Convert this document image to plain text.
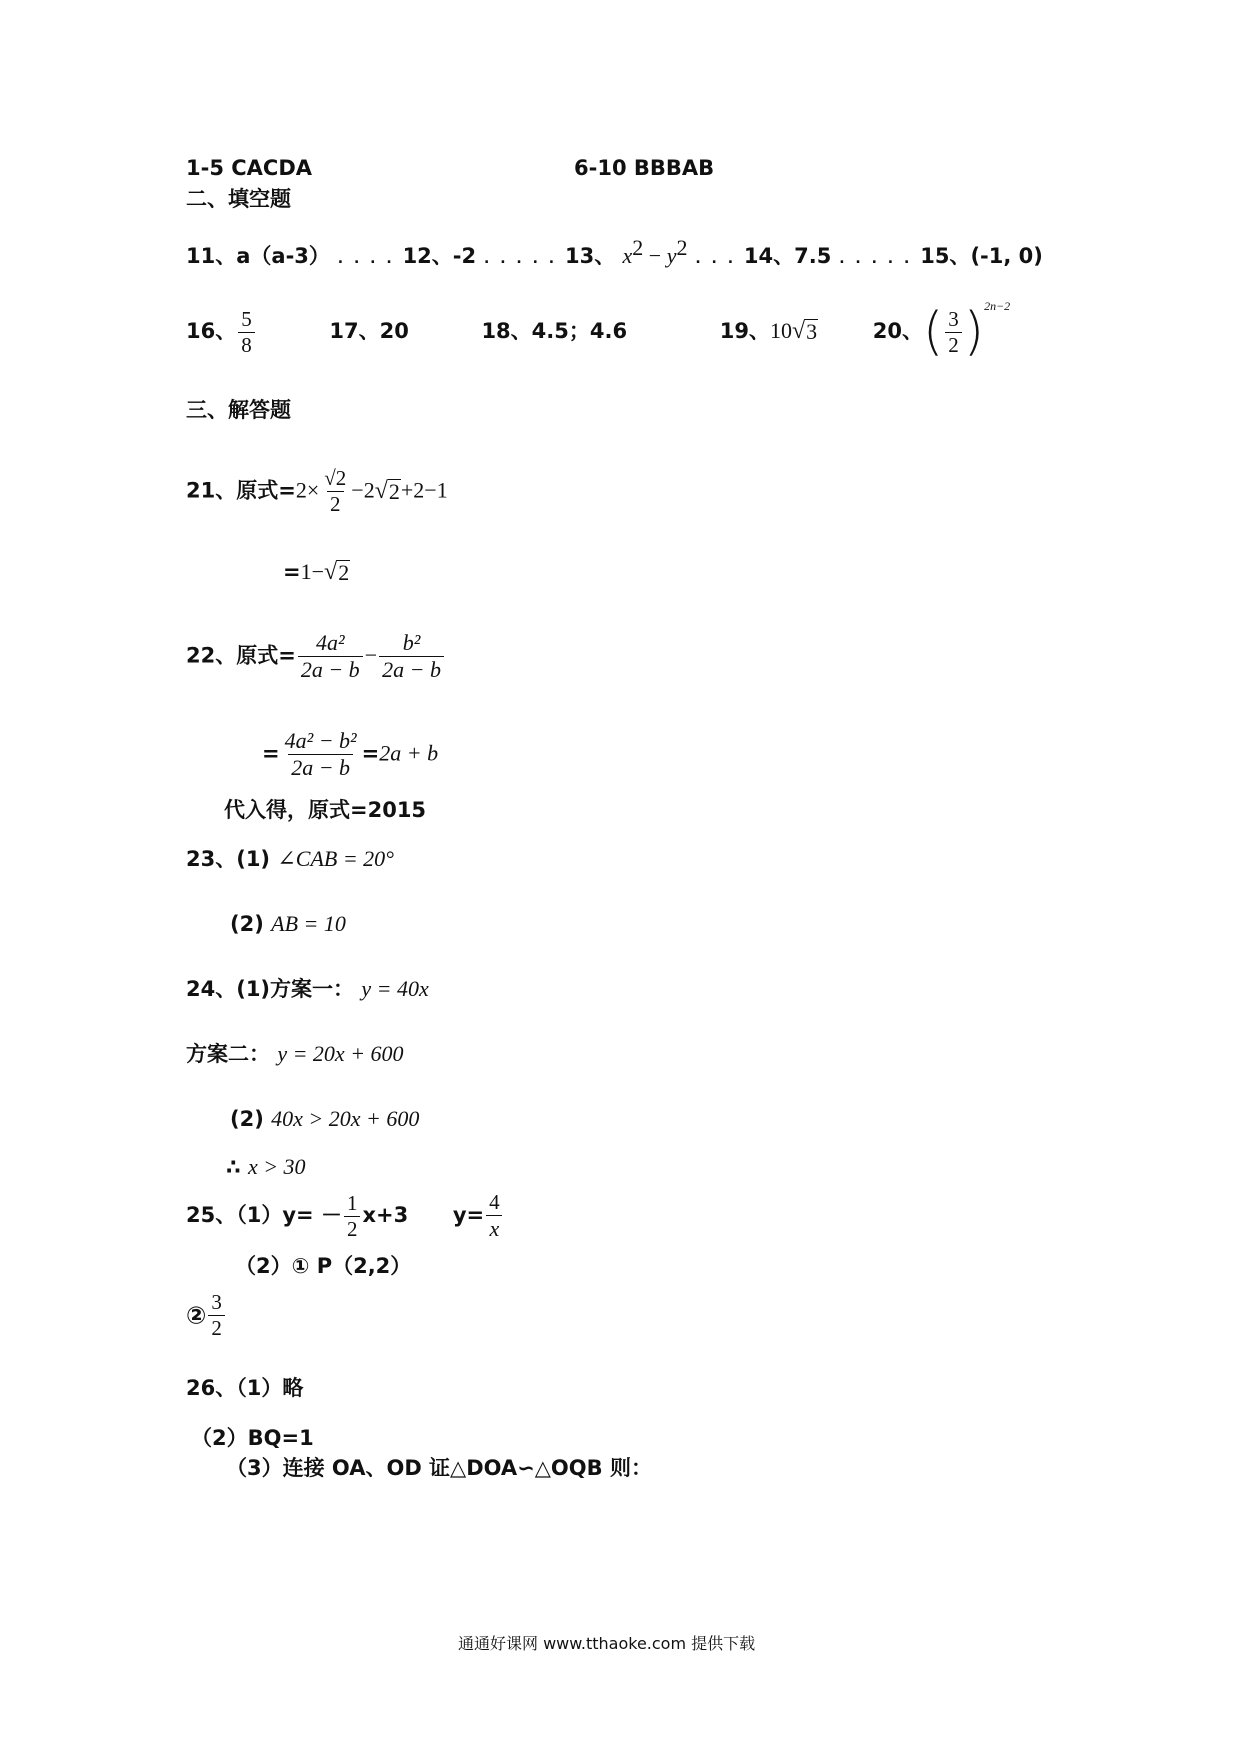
1-5 CACDA	6-10 BBBAB
二、填空题
11、a（a-3） . . . . 12、-2 . . . . . 13、 $x^2 - y^2$ . . . 14、7.5 . . . . . 15、(-1, 0)
16、 $\frac{5}{8}$	17、20	18、4.5；4.6	19、10 √ 3	20、( $\frac{3}{2} )^{2n-2}$
三、解答题
21、原式$=2\times \frac{√2}{2} -2$ √ 2 +2−1
=1− √ 2
22、原式= $\frac{\text{4a²}}{2a - b} - \frac{\text{b²}}{2a - b}$
= $\frac{\text{4a² − b²}}{2a - b} =2a + b$
代入得，原式=2015
23、(1) ∠CAB = 20°
(2) AB = 10
24、(1)方案一： y = 40x
方案二： y = 20x + 600
(2) 40x > 20x + 600
∴ x > 30
25、$(1)y= - \frac{1}{2} x+3$ $y= \frac{4}{x}$
（2）① P（2,2）
② $\frac{3}{2}$
26、（1）略
（2）BQ=1
（3）连接 OA、OD 证△DOA∽△OQB 则：
通通好课网 www.tthaoke.com 提供下载
